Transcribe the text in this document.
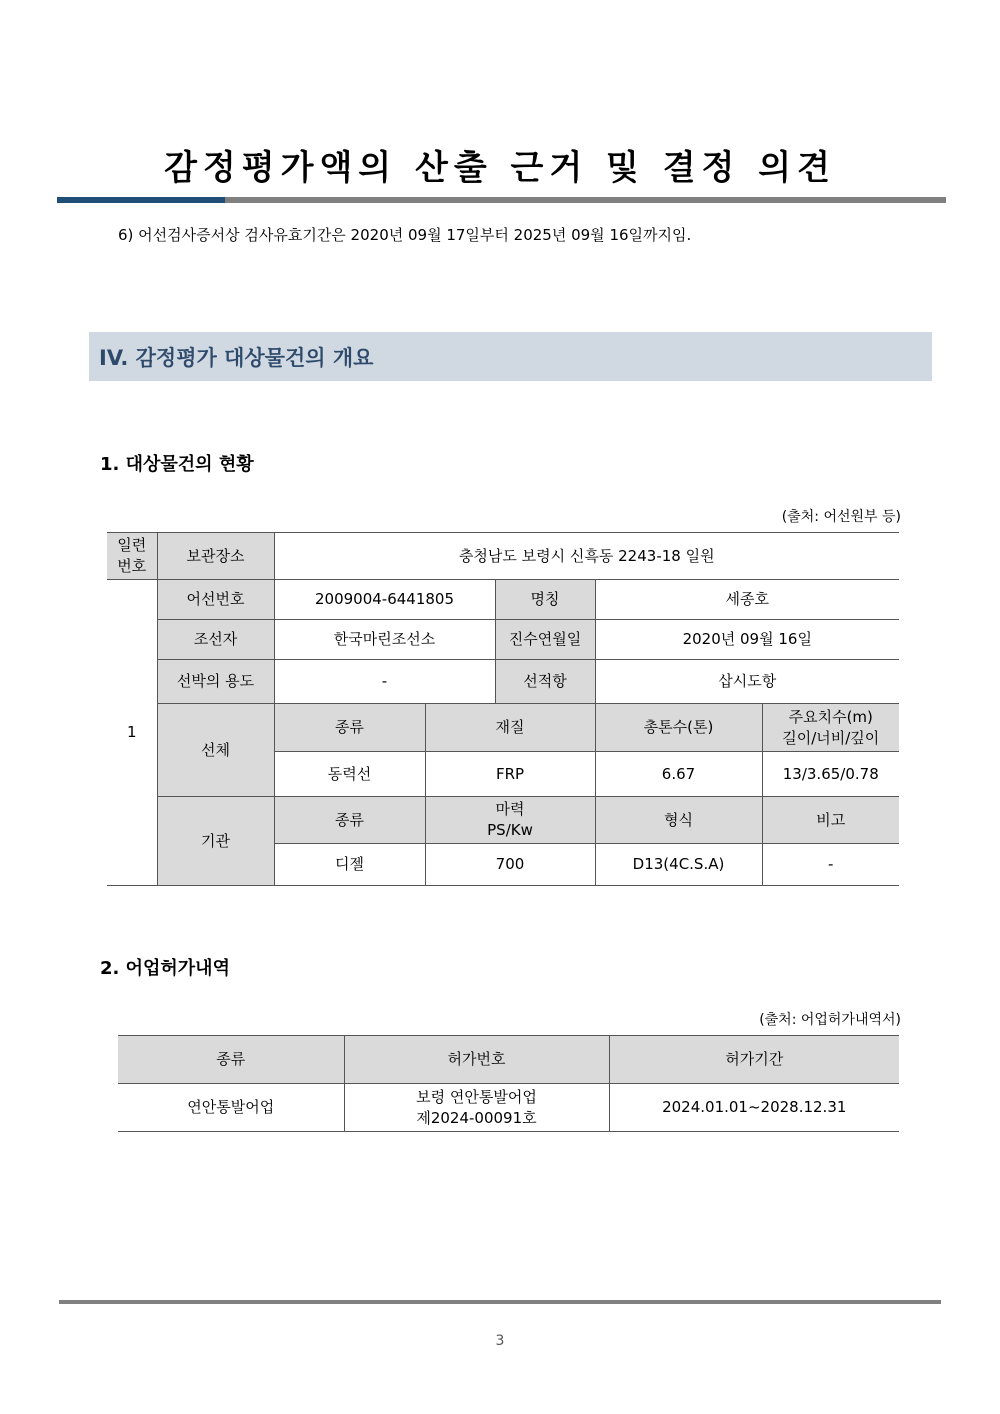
감정평가액의 산출 근거 및 결정 의견
6) 어선검사증서상 검사유효기간은 2020년 09월 17일부터 2025년 09월 16일까지임.
IV. 감정평가 대상물건의 개요
1. 대상물건의 현황
(출처: 어선원부 등)
일련
번호	보관장소	충청남도 보령시 신흑동 2243-18 일원				
1	어선번호	2009004-6441805		명칭	세종호	
	조선자	한국마린조선소		진수연월일	2020년 09월 16일	
	선박의 용도	-		선적항	삽시도항	
	선체	종류	재질		총톤수(톤)	주요치수(m)
길이/너비/깊이
		동력선	FRP		6.67	13/3.65/0.78
	기관	종류	마력
PS/Kw		형식	비고
		디젤	700		D13(4C.S.A)	-
2. 어업허가내역
(출처: 어업허가내역서)
종류	허가번호	허가기간
연안통발어업	보령 연안통발어업
제2024-00091호	2024.01.01~2028.12.31
3
